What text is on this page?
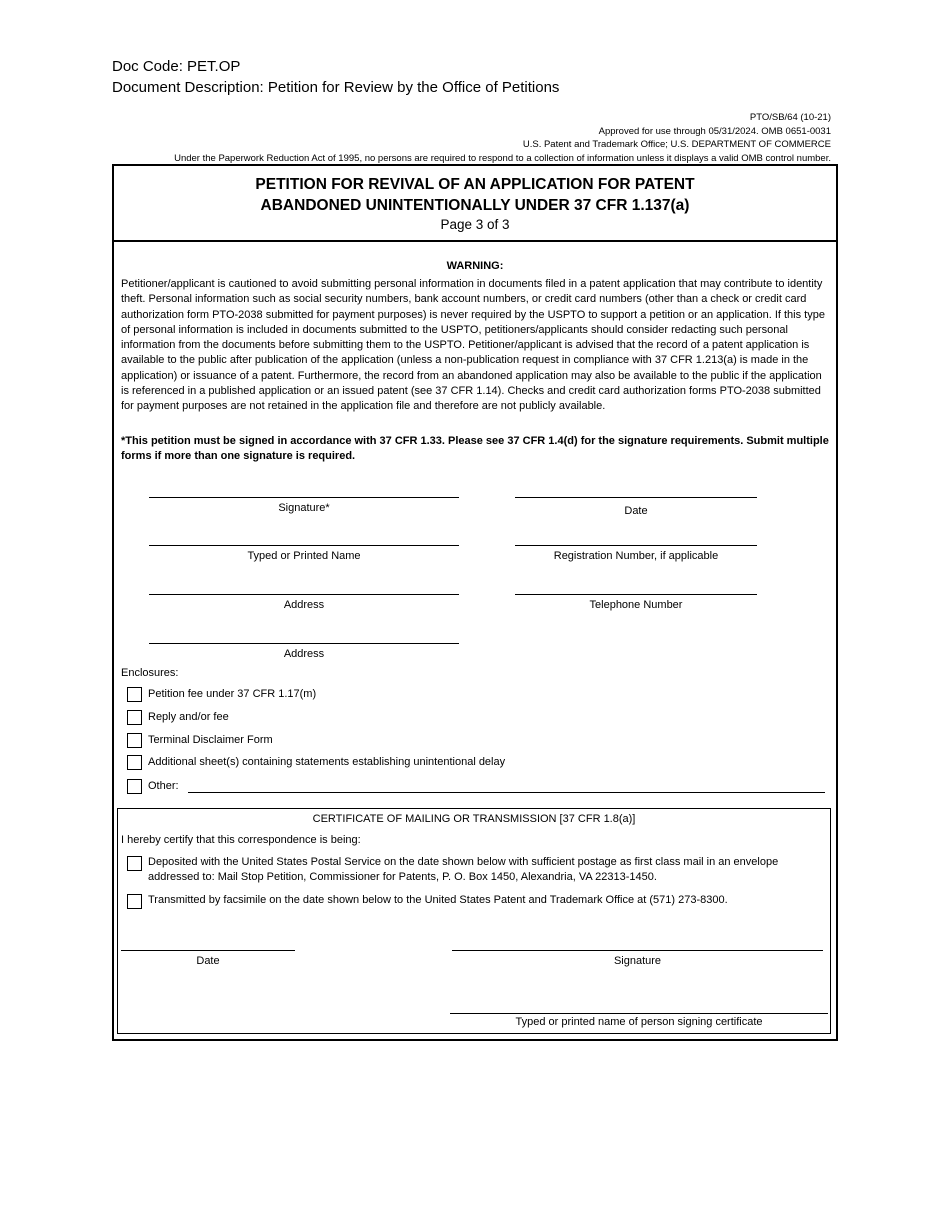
Doc Code: PET.OP
Document Description: Petition for Review by the Office of Petitions
PTO/SB/64 (10-21)
Approved for use through 05/31/2024. OMB 0651-0031
U.S. Patent and Trademark Office; U.S. DEPARTMENT OF COMMERCE
Under the Paperwork Reduction Act of 1995, no persons are required to respond to a collection of information unless it displays a valid OMB control number.
PETITION FOR REVIVAL OF AN APPLICATION FOR PATENT
ABANDONED UNINTENTIONALLY UNDER 37 CFR 1.137(a)
Page 3 of 3
WARNING:
Petitioner/applicant is cautioned to avoid submitting personal information in documents filed in a patent application that may contribute to identity theft. Personal information such as social security numbers, bank account numbers, or credit card numbers (other than a check or credit card authorization form PTO-2038 submitted for payment purposes) is never required by the USPTO to support a petition or an application. If this type of personal information is included in documents submitted to the USPTO, petitioners/applicants should consider redacting such personal information from the documents before submitting them to the USPTO. Petitioner/applicant is advised that the record of a patent application is available to the public after publication of the application (unless a non-publication request in compliance with 37 CFR 1.213(a) is made in the application) or issuance of a patent. Furthermore, the record from an abandoned application may also be available to the public if the application is referenced in a published application or an issued patent (see 37 CFR 1.14). Checks and credit card authorization forms PTO-2038 submitted for payment purposes are not retained in the application file and therefore are not publicly available.
*This petition must be signed in accordance with 37 CFR 1.33. Please see 37 CFR 1.4(d) for the signature requirements. Submit multiple forms if more than one signature is required.
Signature*	Date
Typed or Printed Name	Registration Number, if applicable
Address	Telephone Number
Address
Enclosures:
Petition fee under 37 CFR 1.17(m)
Reply and/or fee
Terminal Disclaimer Form
Additional sheet(s) containing statements establishing unintentional delay
Other:
CERTIFICATE OF MAILING OR TRANSMISSION [37 CFR 1.8(a)]
I hereby certify that this correspondence is being:
Deposited with the United States Postal Service on the date shown below with sufficient postage as first class mail in an envelope addressed to: Mail Stop Petition, Commissioner for Patents, P. O. Box 1450, Alexandria, VA 22313-1450.
Transmitted by facsimile on the date shown below to the United States Patent and Trademark Office at (571) 273-8300.
Date	Signature
Typed or printed name of person signing certificate
